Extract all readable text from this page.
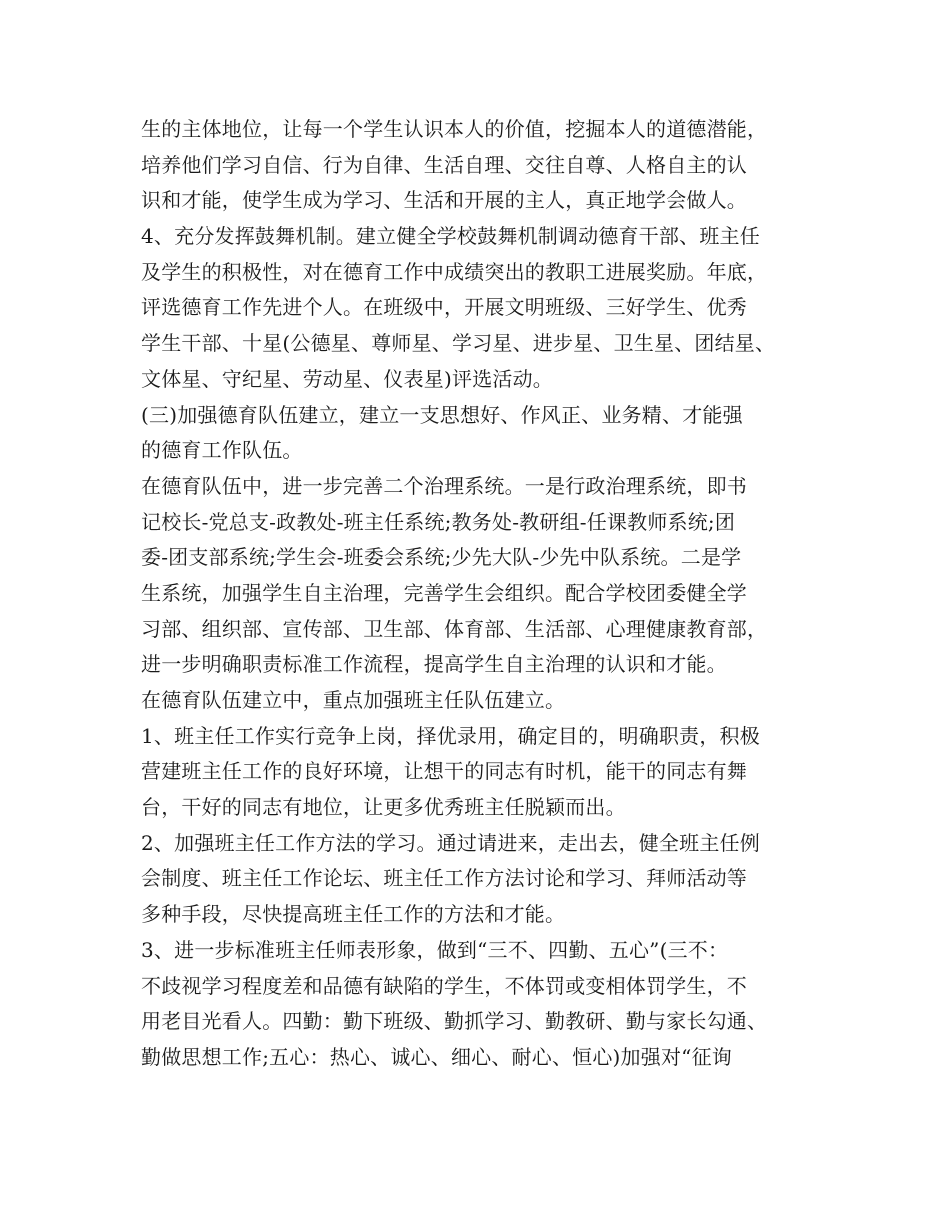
生的主体地位，让每一个学生认识本人的价值，挖掘本人的道德潜能，
培养他们学习自信、行为自律、生活自理、交往自尊、人格自主的认
识和才能，使学生成为学习、生活和开展的主人，真正地学会做人。
4、充分发挥鼓舞机制。建立健全学校鼓舞机制调动德育干部、班主任
及学生的积极性，对在德育工作中成绩突出的教职工进展奖励。年底，
评选德育工作先进个人。在班级中，开展文明班级、三好学生、优秀
学生干部、十星(公德星、尊师星、学习星、进步星、卫生星、团结星、
文体星、守纪星、劳动星、仪表星)评选活动。
(三)加强德育队伍建立，建立一支思想好、作风正、业务精、才能强
的德育工作队伍。
在德育队伍中，进一步完善二个治理系统。一是行政治理系统，即书
记校长-党总支-政教处-班主任系统;教务处-教研组-任课教师系统;团
委-团支部系统;学生会-班委会系统;少先大队-少先中队系统。二是学
生系统，加强学生自主治理，完善学生会组织。配合学校团委健全学
习部、组织部、宣传部、卫生部、体育部、生活部、心理健康教育部，
进一步明确职责标准工作流程，提高学生自主治理的认识和才能。
在德育队伍建立中，重点加强班主任队伍建立。
1、班主任工作实行竞争上岗，择优录用，确定目的，明确职责，积极
营建班主任工作的良好环境，让想干的同志有时机，能干的同志有舞
台，干好的同志有地位，让更多优秀班主任脱颖而出。
2、加强班主任工作方法的学习。通过请进来，走出去，健全班主任例
会制度、班主任工作论坛、班主任工作方法讨论和学习、拜师活动等
多种手段，尽快提高班主任工作的方法和才能。
3、进一步标准班主任师表形象，做到“三不、四勤、五心”(三不：
不歧视学习程度差和品德有缺陷的学生，不体罚或变相体罚学生，不
用老目光看人。四勤：勤下班级、勤抓学习、勤教研、勤与家长勾通、
勤做思想工作;五心：热心、诚心、细心、耐心、恒心)加强对“征询
